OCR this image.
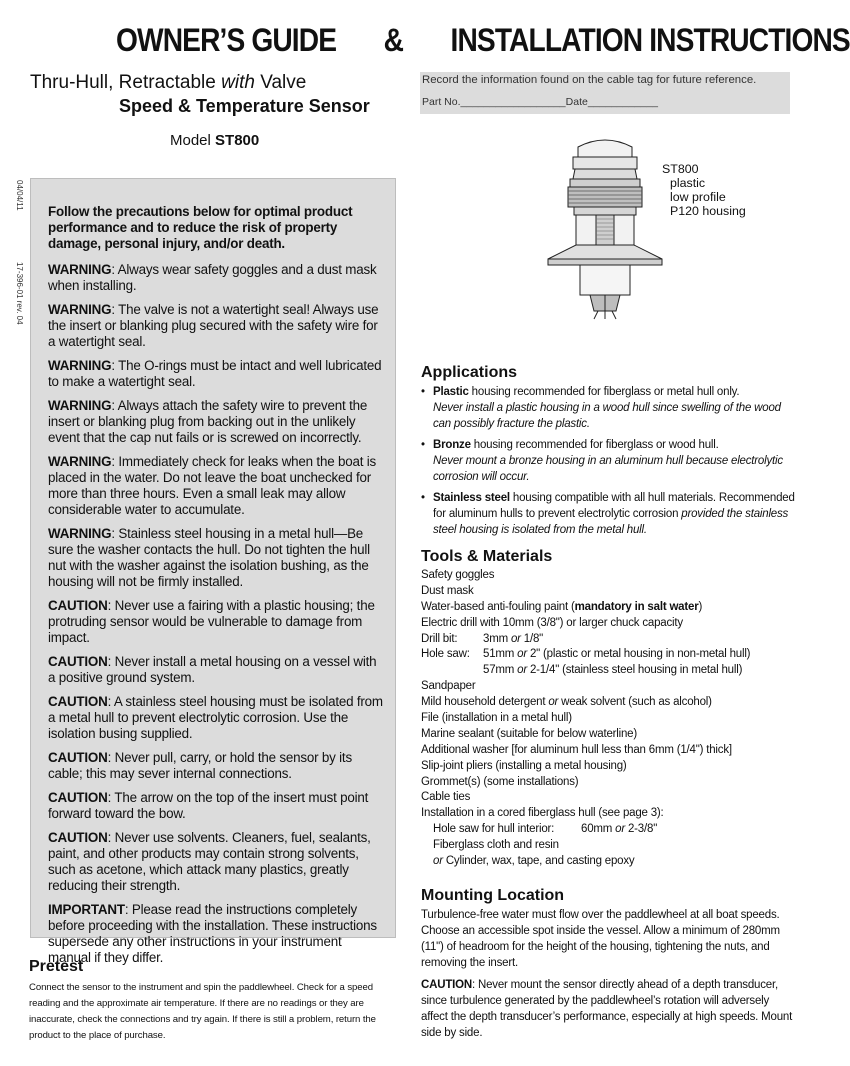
OWNER’S GUIDE & INSTALLATION INSTRUCTIONS
Thru-Hull, Retractable with Valve
Speed & Temperature Sensor
Model ST800
04/04/11
17-396-01 rev. 04

Follow the precautions below for optimal product performance and to reduce the risk of property damage, personal injury, and/or death.

WARNING: Always wear safety goggles and a dust mask when installing.

WARNING: The valve is not a watertight seal! Always use the insert or blanking plug secured with the safety wire for a watertight seal.

WARNING: The O-rings must be intact and well lubricated to make a watertight seal.

WARNING: Always attach the safety wire to prevent the insert or blanking plug from backing out in the unlikely event that the cap nut fails or is screwed on incorrectly.

WARNING: Immediately check for leaks when the boat is placed in the water. Do not leave the boat unchecked for more than three hours. Even a small leak may allow considerable water to accumulate.

WARNING: Stainless steel housing in a metal hull—Be sure the washer contacts the hull. Do not tighten the hull nut with the washer against the isolation bushing, as the housing will not be firmly installed.

CAUTION: Never use a fairing with a plastic housing; the protruding sensor would be vulnerable to damage from impact.

CAUTION: Never install a metal housing on a vessel with a positive ground system.

CAUTION: A stainless steel housing must be isolated from a metal hull to prevent electrolytic corrosion. Use the isolation busing supplied.

CAUTION: Never pull, carry, or hold the sensor by its cable; this may sever internal connections.

CAUTION: The arrow on the top of the insert must point forward toward the bow.

CAUTION: Never use solvents. Cleaners, fuel, sealants, paint, and other products may contain strong solvents, such as acetone, which attack many plastics, greatly reducing their strength.

IMPORTANT: Please read the instructions completely before proceeding with the installation. These instructions supersede any other instructions in your instrument manual if they differ.

Pretest
Connect the sensor to the instrument and spin the paddlewheel. Check for a speed reading and the approximate air temperature. If there are no readings or they are inaccurate, check the connections and try again. If there is still a problem, return the product to the place of purchase.
Record the information found on the cable tag for future reference.
Part No.__________________Date____________
ST800
plastic
low profile
P120 housing
Applications
• Plastic housing recommended for fiberglass or metal hull only.
Never install a plastic housing in a wood hull since swelling of the wood can possibly fracture the plastic.
• Bronze housing recommended for fiberglass or wood hull.
Never mount a bronze housing in an aluminum hull because electrolytic corrosion will occur.
• Stainless steel housing compatible with all hull materials. Recommended for aluminum hulls to prevent electrolytic corrosion provided the stainless steel housing is isolated from the metal hull.
Tools & Materials
Safety goggles
Dust mask
Water-based anti-fouling paint (mandatory in salt water)
Electric drill with 10mm (3/8") or larger chuck capacity
Drill bit: 3mm or 1/8"
Hole saw: 51mm or 2" (plastic or metal housing in non-metal hull)
57mm or 2-1/4" (stainless steel housing in metal hull)
Sandpaper
Mild household detergent or weak solvent (such as alcohol)
File (installation in a metal hull)
Marine sealant (suitable for below waterline)
Additional washer [for aluminum hull less than 6mm (1/4") thick]
Slip-joint pliers (installing a metal housing)
Grommet(s) (some installations)
Cable ties
Installation in a cored fiberglass hull (see page 3):
Hole saw for hull interior: 60mm or 2-3/8"
Fiberglass cloth and resin
or Cylinder, wax, tape, and casting epoxy
Mounting Location

Turbulence-free water must flow over the paddlewheel at all boat speeds. Choose an accessible spot inside the vessel. Allow a minimum of 280mm (11") of headroom for the height of the housing, tightening the nuts, and removing the insert.

CAUTION: Never mount the sensor directly ahead of a depth transducer, since turbulence generated by the paddlewheel’s rotation will adversely affect the depth transducer’s performance, especially at high speeds. Mount side by side.
